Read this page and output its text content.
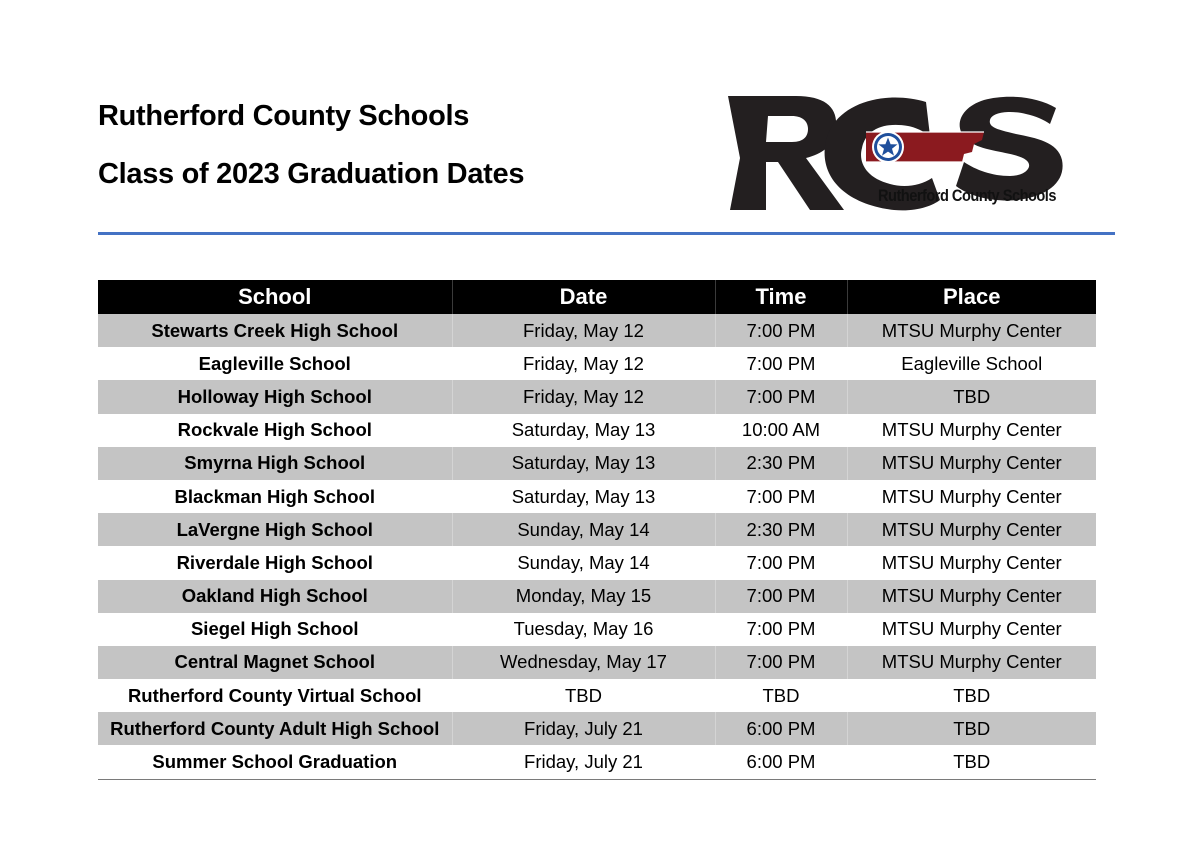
Rutherford County Schools
Class of 2023 Graduation Dates
Rutherford County Schools
School	Date	Time	Place
Stewarts Creek High School	Friday, May 12	7:00 PM	MTSU Murphy Center
Eagleville School	Friday, May 12	7:00 PM	Eagleville School
Holloway High School	Friday, May 12	7:00 PM	TBD
Rockvale High School	Saturday, May 13	10:00 AM	MTSU Murphy Center
Smyrna High School	Saturday, May 13	2:30 PM	MTSU Murphy Center
Blackman High School	Saturday, May 13	7:00 PM	MTSU Murphy Center
LaVergne High School	Sunday, May 14	2:30 PM	MTSU Murphy Center
Riverdale High School	Sunday, May 14	7:00 PM	MTSU Murphy Center
Oakland High School	Monday, May 15	7:00 PM	MTSU Murphy Center
Siegel High School	Tuesday, May 16	7:00 PM	MTSU Murphy Center
Central Magnet School	Wednesday, May 17	7:00 PM	MTSU Murphy Center
Rutherford County Virtual School	TBD	TBD	TBD
Rutherford County Adult High School	Friday, July 21	6:00 PM	TBD
Summer School Graduation	Friday, July 21	6:00 PM	TBD
